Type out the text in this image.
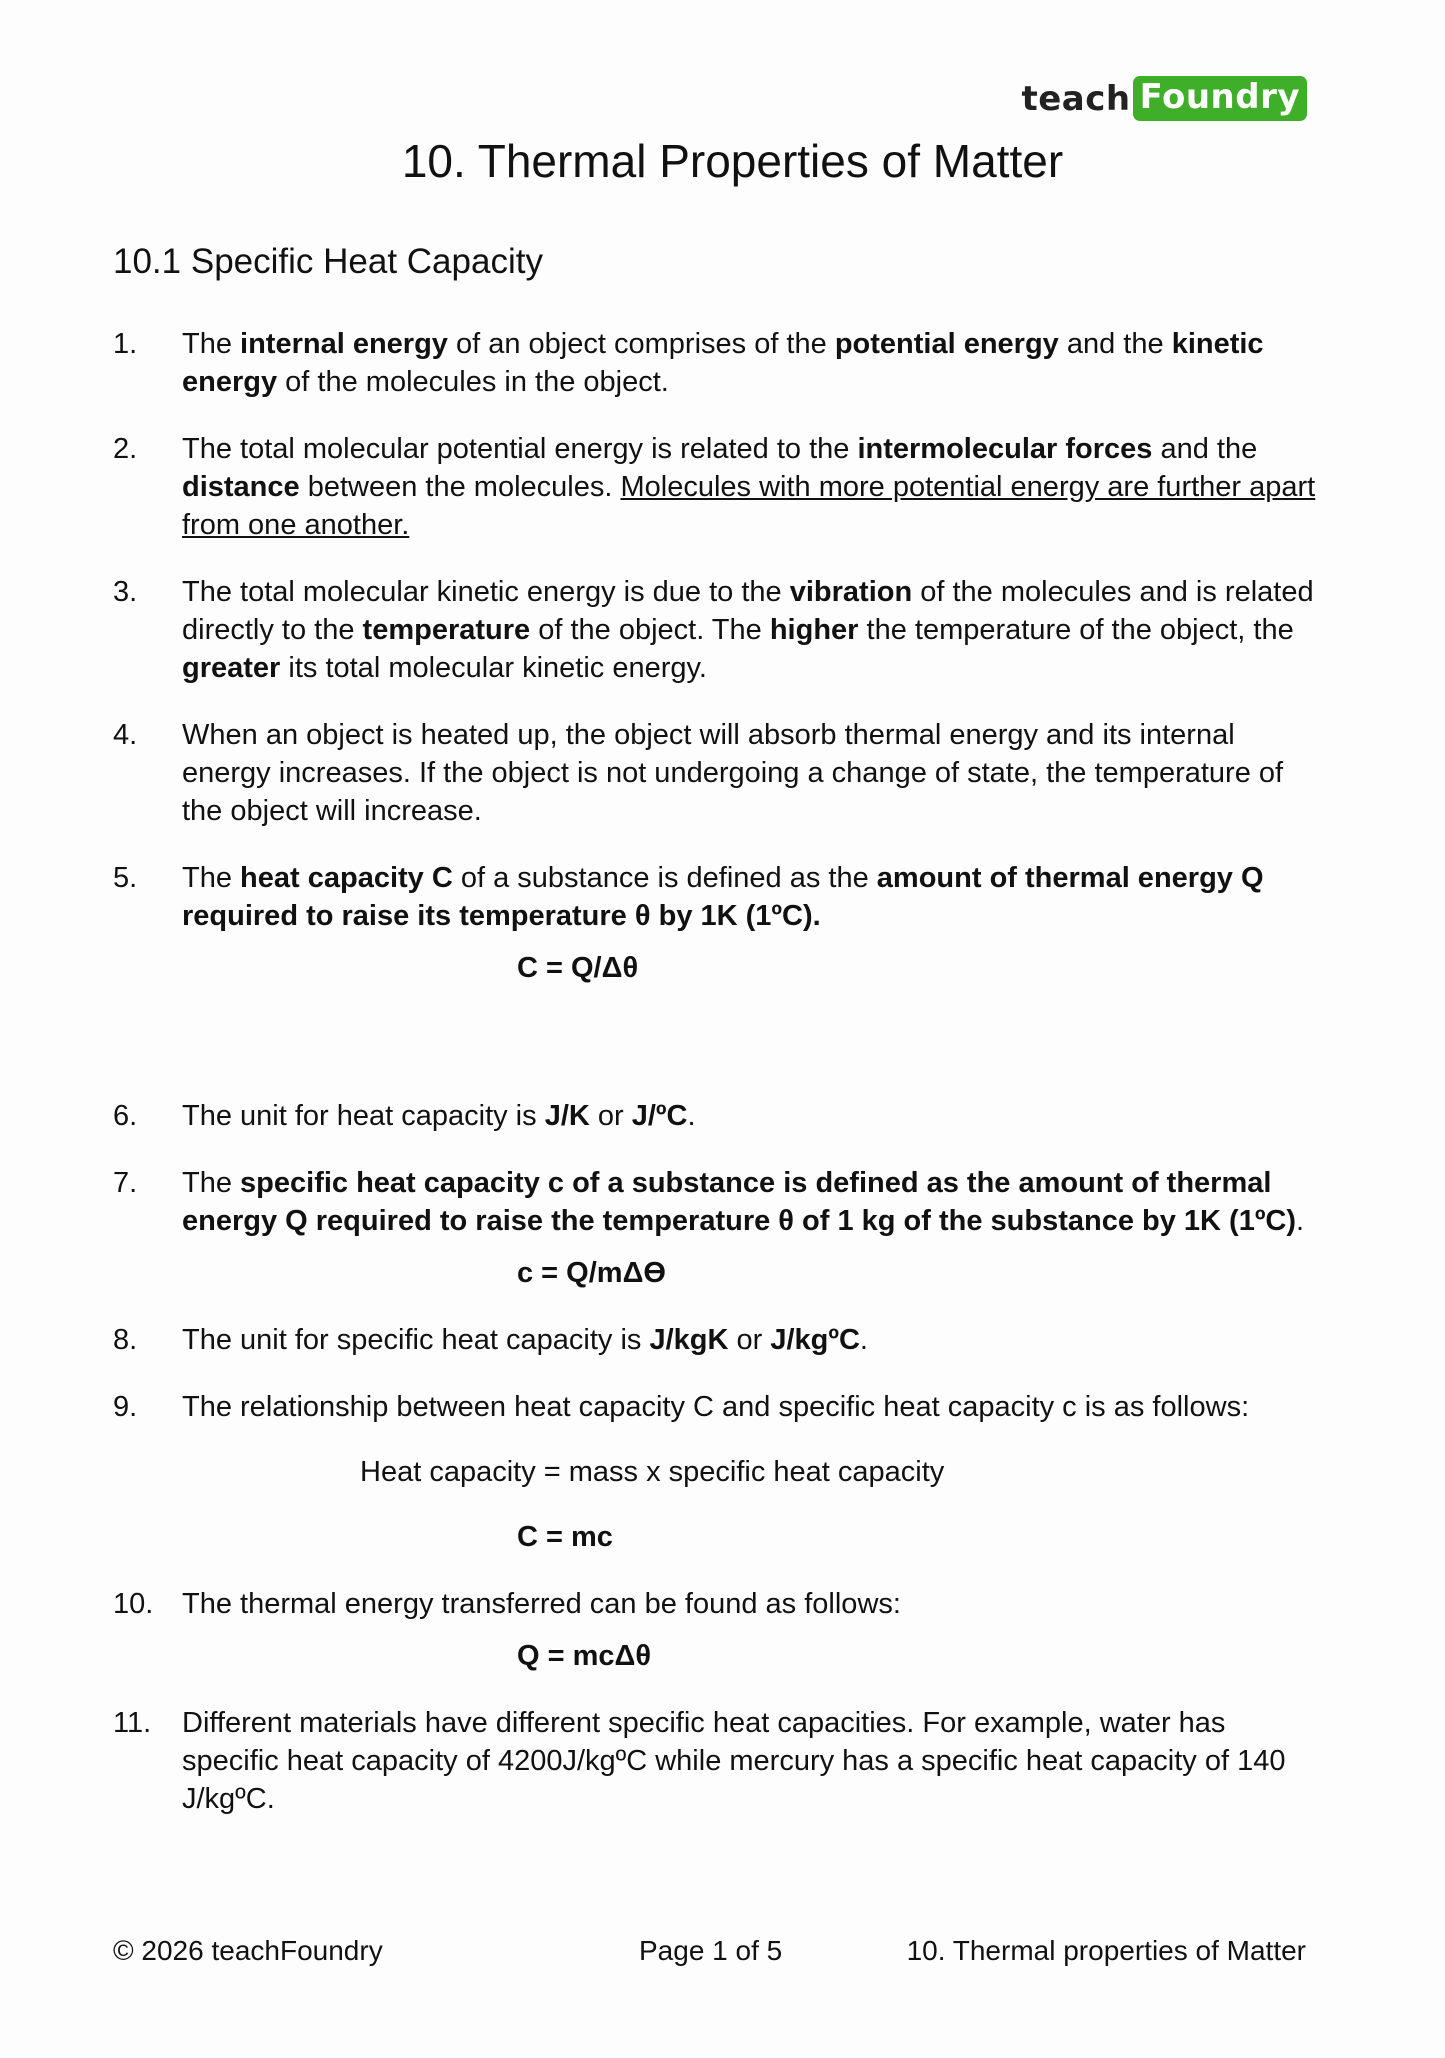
teach Foundry
10. Thermal Properties of Matter
10.1 Specific Heat Capacity
1.	The internal energy of an object comprises of the potential energy and the kinetic energy of the molecules in the object.
2.	The total molecular potential energy is related to the intermolecular forces and the distance between the molecules. Molecules with more potential energy are further apart from one another.
3.	The total molecular kinetic energy is due to the vibration of the molecules and is related directly to the temperature of the object. The higher the temperature of the object, the greater its total molecular kinetic energy.
4.	When an object is heated up, the object will absorb thermal energy and its internal energy increases. If the object is not undergoing a change of state, the temperature of the object will increase.
5.	The heat capacity C of a substance is defined as the amount of thermal energy Q required to raise its temperature θ by 1K (1ºC).
C = Q/Δθ
6.	The unit for heat capacity is J/K or J/ºC.
7.	The specific heat capacity c of a substance is defined as the amount of thermal energy Q required to raise the temperature θ of 1 kg of the substance by 1K (1ºC).
c = Q/mΔϴ
8.	The unit for specific heat capacity is J/kgK or J/kgºC.
9.	The relationship between heat capacity C and specific heat capacity c is as follows:
Heat capacity = mass x specific heat capacity
C = mc
10. The thermal energy transferred can be found as follows:
Q = mcΔθ
11.	Different materials have different specific heat capacities. For example, water has specific heat capacity of 4200J/kgºC while mercury has a specific heat capacity of 140 J/kgºC.
© 2026 teachFoundry	Page 1 of 5	10. Thermal properties of Matter
